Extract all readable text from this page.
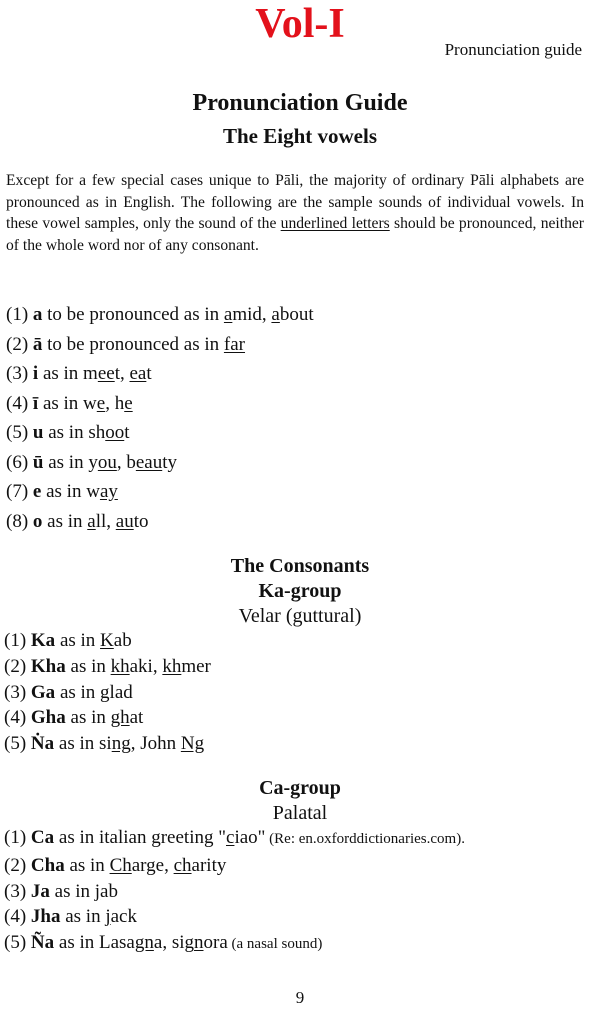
Vol-I
Pronunciation guide
Pronunciation Guide
The Eight vowels
Except for a few special cases unique to Pāli, the majority of ordinary Pāli alphabets are pronounced as in English. The following are the sample sounds of individual vowels. In these vowel samples, only the sound of the underlined letters should be pronounced, neither of the whole word nor of any consonant.
(1) a to be pronounced as in amid, about
(2) ā to be pronounced as in far
(3) i as in meet, eat
(4) ī as in we, he
(5) u as in shoot
(6) ū as in you, beauty
(7) e as in way
(8) o as in all, auto
The Consonants
Ka-group
Velar (guttural)
(1) Ka as in Kab
(2) Kha as in khaki, khmer
(3) Ga as in glad
(4) Gha as in ghat
(5) Ṅa as in sing, John Ng
Ca-group
Palatal
(1) Ca as in italian greeting "ciao" (Re: en.oxforddictionaries.com).
(2) Cha as in Charge, charity
(3) Ja as in jab
(4) Jha as in jack
(5) Ña as in Lasagna, signora (a nasal sound)
9
